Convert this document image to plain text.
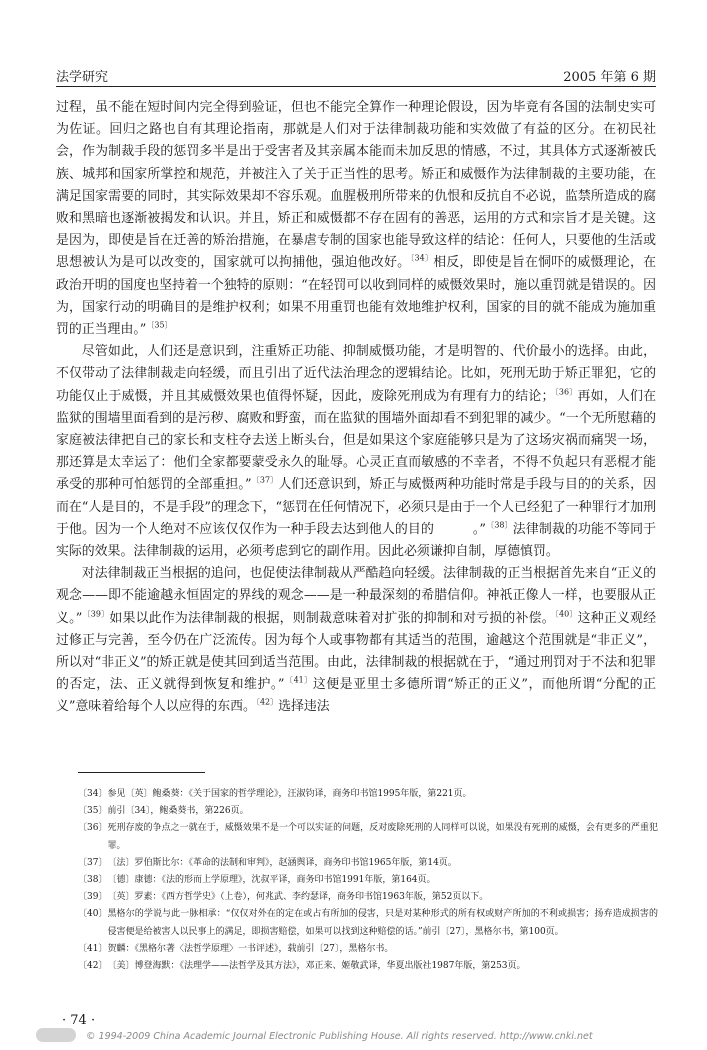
法学研究	2005 年第 6 期

过程，虽不能在短时间内完全得到验证，但也不能完全算作一种理论假设，因为毕竟有各国的法制史实可为佐证。回归之路也自有其理论指南，那就是人们对于法律制裁功能和实效做了有益的区分。在初民社会，作为制裁手段的惩罚多半是出于受害者及其亲属本能而未加反思的情感，不过，其具体方式逐渐被氏族、城邦和国家所掌控和规范，并被注入了关于正当性的思考。矫正和威慑作为法律制裁的主要功能，在满足国家需要的同时，其实际效果却不容乐观。血腥极刑所带来的仇恨和反抗自不必说，监禁所造成的腐败和黑暗也逐渐被揭发和认识。并且，矫正和威慑都不存在固有的善恶，运用的方式和宗旨才是关键。这是因为，即使是旨在迁善的矫治措施，在暴虐专制的国家也能导致这样的结论：任何人，只要他的生活或思想被认为是可以改变的，国家就可以拘捕他，强迫他改好。$^{〔34〕}$相反，即使是旨在恫吓的威慑理论，在政治开明的国度也坚持着一个独特的原则：“在轻罚可以收到同样的威慑效果时，施以重罚就是错误的。因为，国家行动的明确目的是维护权利；如果不用重罚也能有效地维护权利，国家的目的就不能成为施加重罚的正当理由。”$^{〔35〕}$

尽管如此，人们还是意识到，注重矫正功能、抑制威慑功能，才是明智的、代价最小的选择。由此，不仅带动了法律制裁走向轻缓，而且引出了近代法治理念的逻辑结论。比如，死刑无助于矫正罪犯，它的功能仅止于威慑，并且其威慑效果也值得怀疑，因此，废除死刑成为有理有力的结论；$^{〔36〕}$再如，人们在监狱的围墙里面看到的是污秽、腐败和野蛮，而在监狱的围墙外面却看不到犯罪的减少。“一个无所慰藉的家庭被法律把自己的家长和支柱夺去送上断头台，但是如果这个家庭能够只是为了这场灾祸而痛哭一场，那还算是太幸运了：他们全家都要蒙受永久的耻辱。心灵正直而敏感的不幸者，不得不负起只有恶棍才能承受的那种可怕惩罚的全部重担。”$^{〔37〕}$人们还意识到，矫正与威慑两种功能时常是手段与目的的关系，因而在“人是目的，不是手段”的理念下，“惩罚在任何情况下，必须只是由于一个人已经犯了一种罪行才加刑于他。因为一个人绝对不应该仅仅作为一种手段去达到他人的目的	。”$^{〔38〕}$法律制裁的功能不等同于实际的效果。法律制裁的运用，必须考虑到它的副作用。因此必须谦抑自制，厚德慎罚。

对法律制裁正当根据的追问，也促使法律制裁从严酷趋向轻缓。法律制裁的正当根据首先来自“正义的观念——即不能逾越永恒固定的界线的观念——是一种最深刻的希腊信仰。神祇正像人一样，也要服从正义。”$^{〔39〕}$如果以此作为法律制裁的根据，则制裁意味着对扩张的抑制和对亏损的补偿。$^{〔40〕}$这种正义观经过修正与完善，至今仍在广泛流传。因为每个人或事物都有其适当的范围，逾越这个范围就是“非正义”，所以对“非正义”的矫正就是使其回到适当范围。由此，法律制裁的根据就在于，“通过刑罚对于不法和犯罪的否定，法、正义就得到恢复和维护。”$^{〔41〕}$这便是亚里士多德所谓“矫正的正义”，而他所谓“分配的正义”意味着给每个人以应得的东西。$^{〔42〕}$选择违法

〔34〕 参见〔英〕鲍桑葵：《关于国家的哲学理论》，汪淑钧译，商务印书馆1995年版，第221页。
〔35〕 前引〔34〕，鲍桑葵书，第226页。
〔36〕 死刑存废的争点之一就在于，威慑效果不是一个可以实证的问题，反对废除死刑的人同样可以说，如果没有死刑的威慑，会有更多的严重犯罪。
〔37〕 〔法〕罗伯斯比尔：《革命的法制和审判》，赵涵舆译，商务印书馆1965年版，第14页。
〔38〕 〔德〕康德：《法的形而上学原理》，沈叔平译，商务印书馆1991年版，第164页。
〔39〕 〔英〕罗素：《西方哲学史》（上卷），何兆武、李约瑟译，商务印书馆1963年版，第52页以下。
〔40〕 黑格尔的学说与此一脉相承：“仅仅对外在的定在或占有所加的侵害，只是对某种形式的所有权或财产所加的不利或损害；扬弃造成损害的侵害便是给被害人以民事上的满足，即损害赔偿，如果可以找到这种赔偿的话。”前引〔27〕，黑格尔书，第100页。
〔41〕 贺麟：《黑格尔著〈法哲学原理〉一书评述》，载前引〔27〕，黑格尔书。
〔42〕 〔美〕博登海默：《法理学——法哲学及其方法》，邓正来、姬敬武译，华夏出版社1987年版，第253页。
· 74 ·
© 1994-2009 China Academic Journal Electronic Publishing House. All rights reserved. http://www.cnki.net
